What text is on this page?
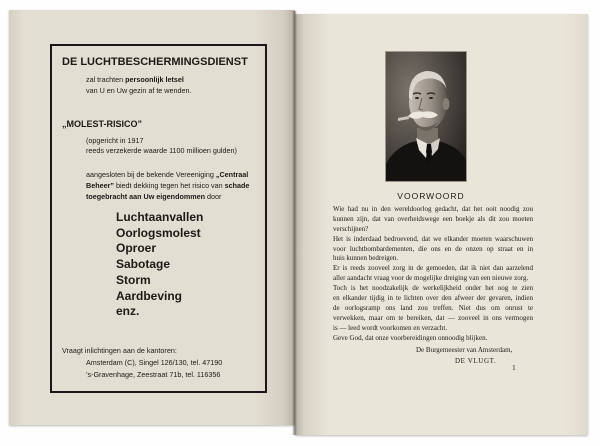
DE LUCHTBESCHERMINGSDIENST
zal trachten persoonlijk letsel
van U en Uw gezin af te wenden.
„MOLEST-RISICO”
(opgericht in 1917
reeds verzekerde waarde 1100 millioen gulden)
aangesloten bij de bekende Vereeniging „Centraal
Beheer” biedt dekking tegen het risico van schade
toegebracht aan Uw eigendommen door
Luchtaanvallen
Oorlogsmolest
Oproer
Sabotage
Storm
Aardbeving
enz.
Vraagt inlichtingen aan de kantoren:
Amsterdam (C), Singel 126/130, tel. 47190
’s-Gravenhage, Zeestraat 71b, tel. 116356
VOORWOORD
Wie had nu in den wereldoorlog gedacht, dat het ooit noodig zou
kunnen zijn, dat van overheidswege een boekje als dit zou moeten
verschijnen?
Het is inderdaad bedroevend, dat we elkander moeten waarschuwen
voor luchtbombardementen, die ons en de onzen op straat en in
huis kunnen bedreigen.
Er is reeds zooveel zorg in de gemoeden, dat ik niet dan aarzelend
aller aandacht vraag voor de mogelijke dreiging van een nieuwe zorg.
Toch is het noodzakelijk de werkelijkheid onder het oog te zien
en elkander tijdig in te lichten over den afweer der gevaren, indien
de oorlogsramp ons land zou treffen. Niet dus om onrust te
verwekken, maar om te bereiken, dat — zooveel in ons vermogen
is — leed wordt voorkomen en verzacht.
Geve God, dat onze voorbereidingen onnoodig blijken.
De Burgemeester van Amsterdam,
DE VLUGT.
1
